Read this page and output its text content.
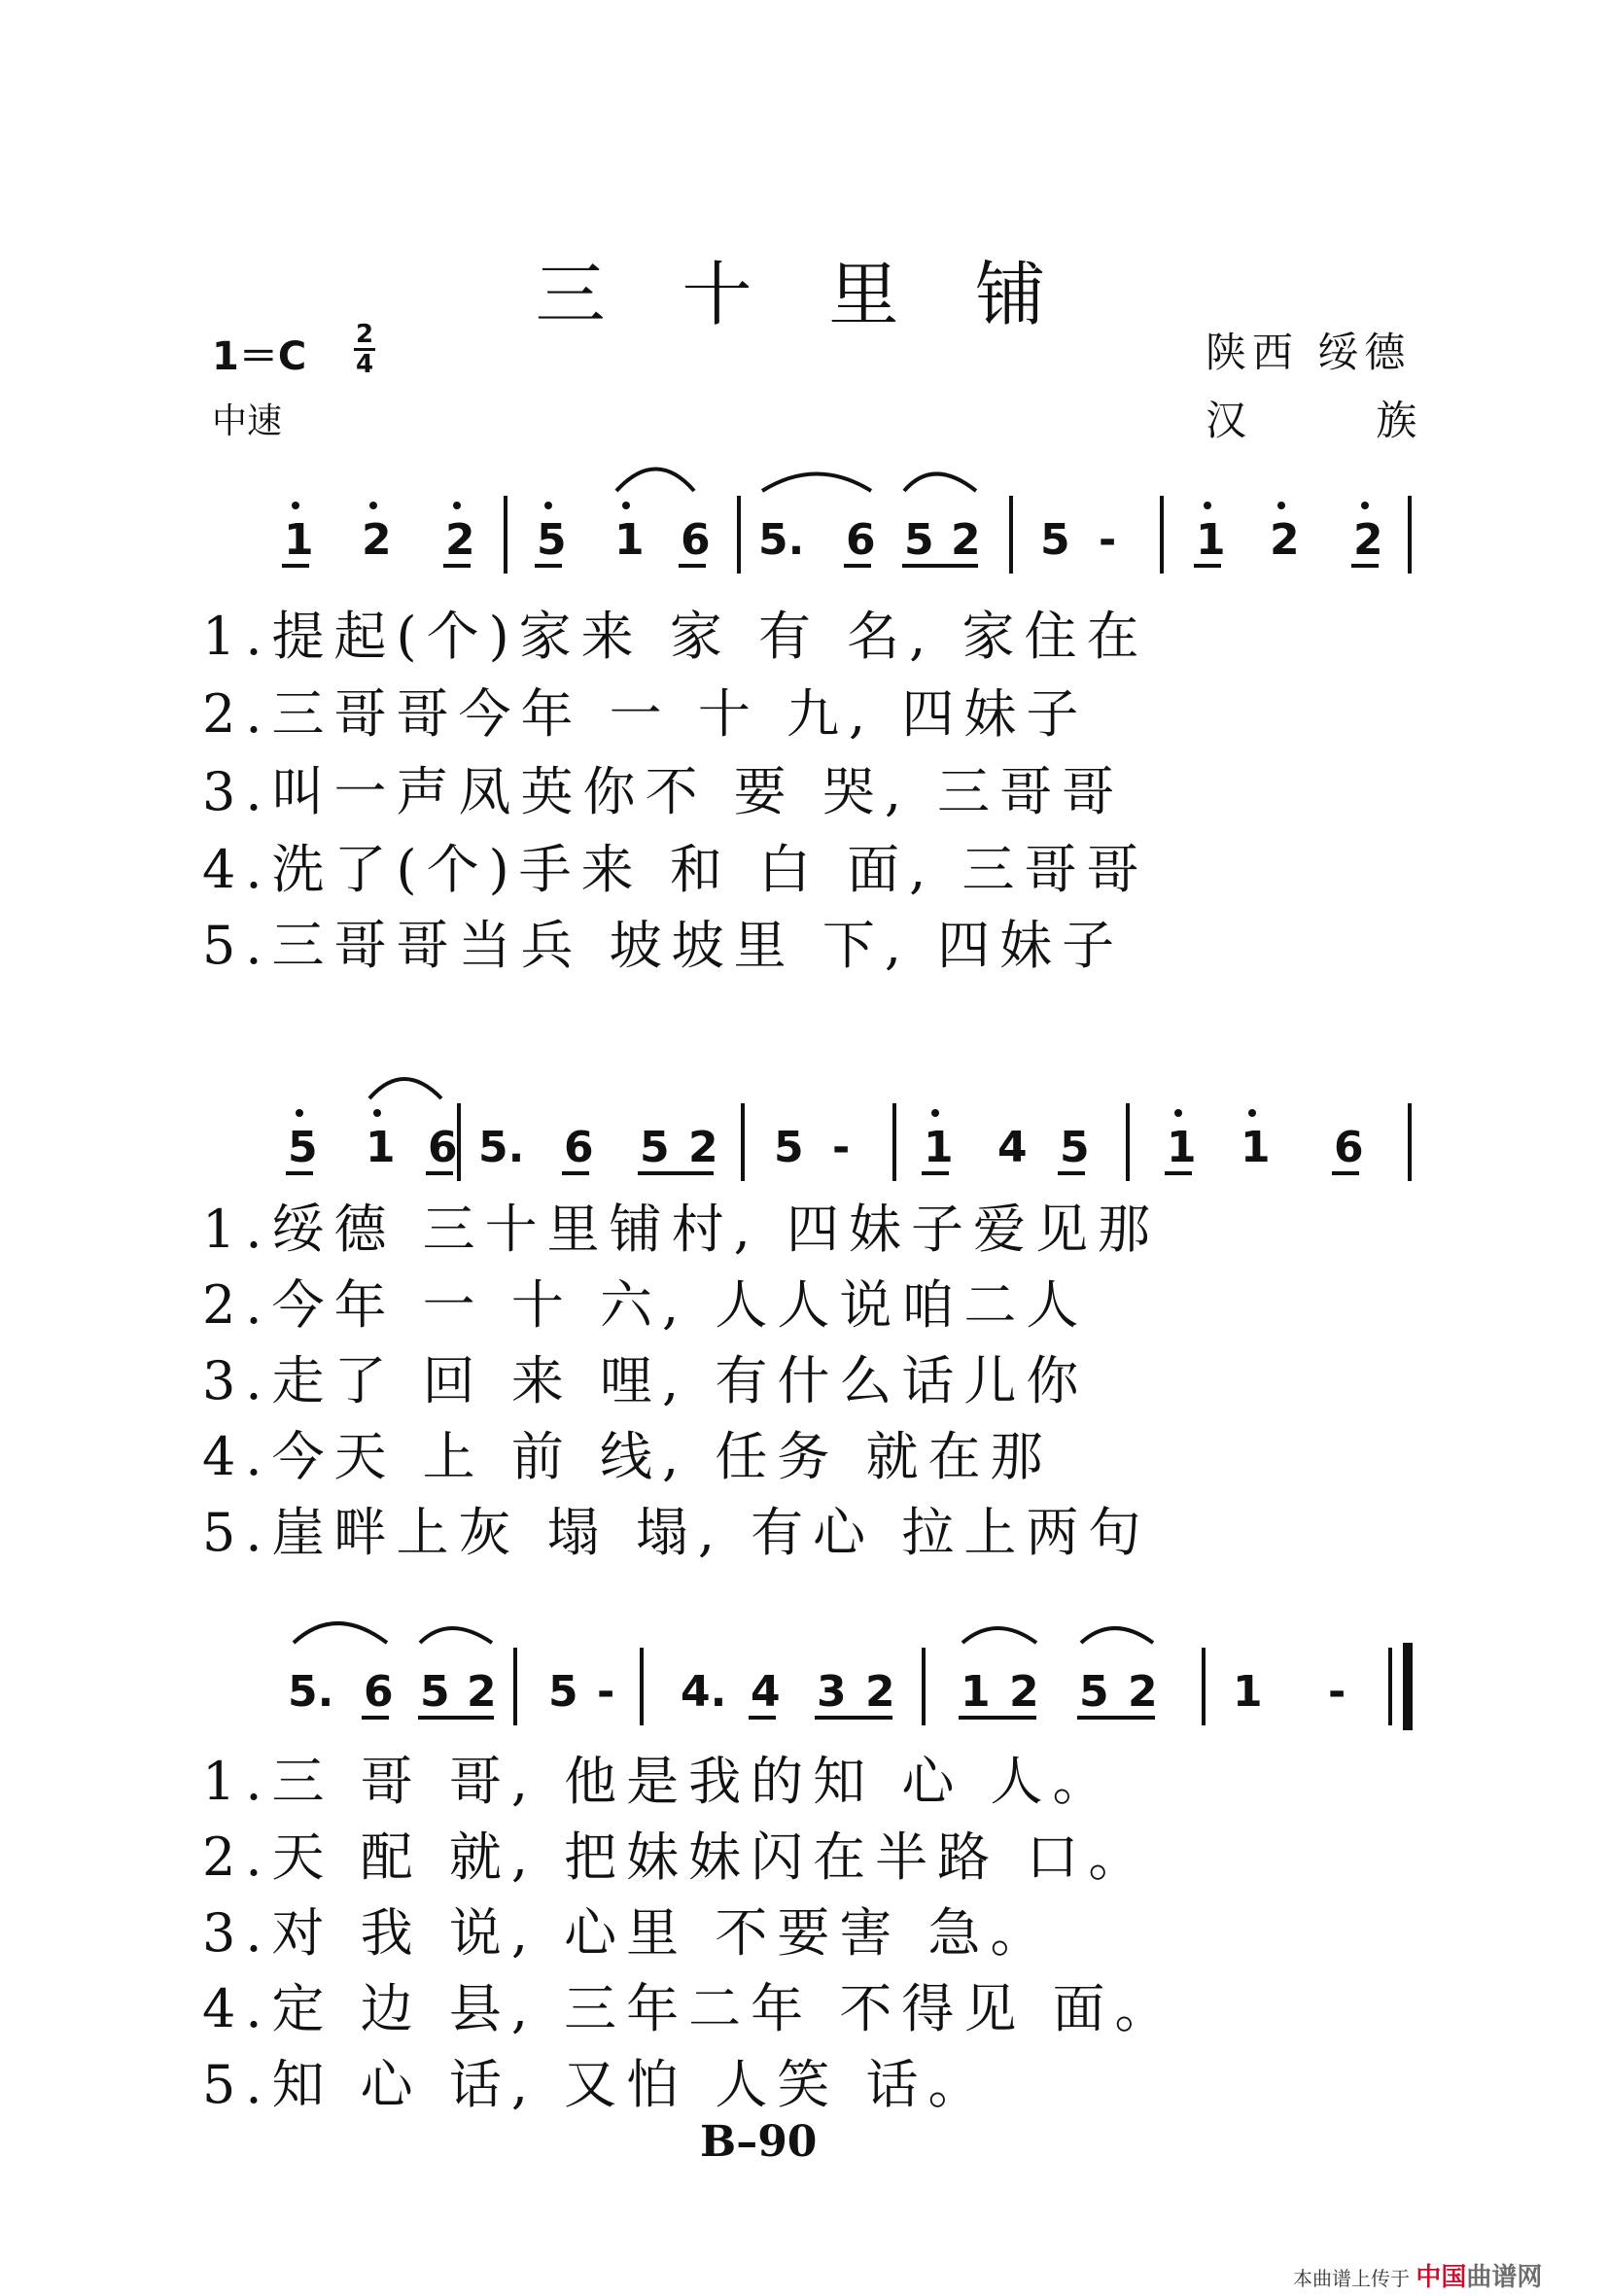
三 十 里 铺
1＝C 2
4
中速
陕西 绥德
汉 族
1 2 2 5 1 6 5. 6 5 2 5 - 1 2 2
5 1 6 5. 6 5 2 5 - 1 4 5 1 1 6
5. 6 5 2 5 - 4. 4 3 2 1 2 5 2 1 -
1.提起(个)家来 家 有 名, 家住在
2.三哥哥今年 一 十 九, 四妹子
3.叫一声凤英你不 要 哭, 三哥哥
4.洗了(个)手来 和 白 面, 三哥哥
5.三哥哥当兵 坡坡里 下, 四妹子
1.绥德 三十里铺村, 四妹子爱见那
2.今年 一 十 六, 人人说咱二人
3.走了 回 来 哩, 有什么话儿你
4.今天 上 前 线, 任务 就在那
5.崖畔上灰 塌 塌, 有心 拉上两句
1.三 哥 哥, 他是我的知 心 人。
2.天 配 就, 把妹妹闪在半路 口。
3.对 我 说, 心里 不要害 急。
4.定 边 县, 三年二年 不得见 面。
5.知 心 话, 又怕 人笑 话。
B–90
本曲谱上传于 中国曲谱网
